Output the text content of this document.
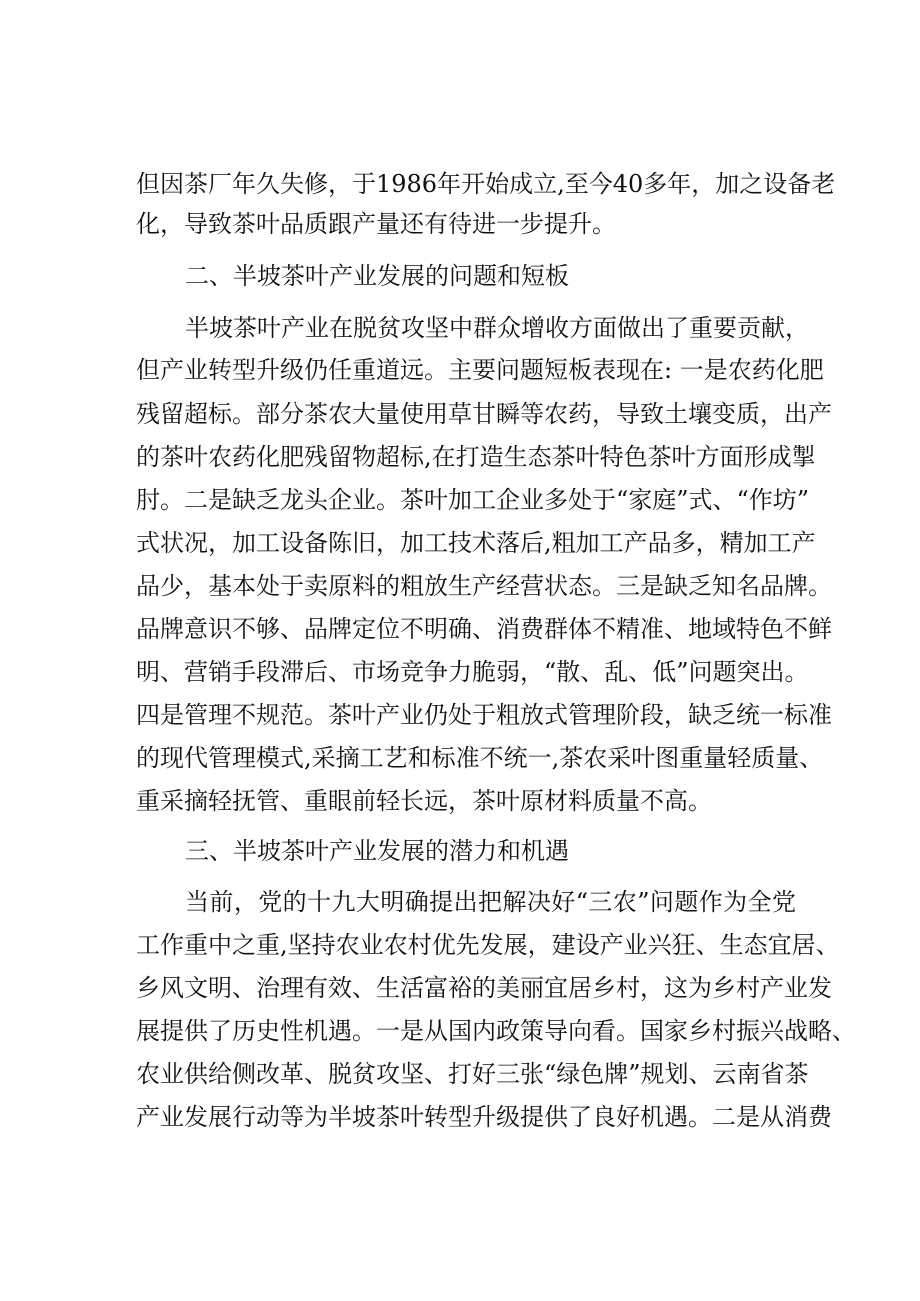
但因茶厂年久失修，于1986年开始成立,至今40多年，加之设备老
化，导致茶叶品质跟产量还有待进一步提升。
二、半坡茶叶产业发展的问题和短板
半坡茶叶产业在脱贫攻坚中群众增收方面做出了重要贡献，
但产业转型升级仍任重道远。主要问题短板表现在: 一是农药化肥
残留超标。部分茶农大量使用草甘瞬等农药，导致土壤变质，出产
的茶叶农药化肥残留物超标,在打造生态茶叶特色茶叶方面形成掣
肘。二是缺乏龙头企业。茶叶加工企业多处于“家庭”式、“作坊”
式状况，加工设备陈旧，加工技术落后,粗加工产品多，精加工产
品少，基本处于卖原料的粗放生产经营状态。三是缺乏知名品牌。
品牌意识不够、品牌定位不明确、消费群体不精准、地域特色不鲜
明、营销手段滞后、市场竞争力脆弱，“散、乱、低”问题突出。
四是管理不规范。茶叶产业仍处于粗放式管理阶段，缺乏统一标准
的现代管理模式,采摘工艺和标准不统一,茶农采叶图重量轻质量、
重采摘轻抚管、重眼前轻长远，茶叶原材料质量不高。
三、半坡茶叶产业发展的潜力和机遇
当前，党的十九大明确提出把解决好“三农”问题作为全党
工作重中之重,坚持农业农村优先发展，建设产业兴狂、生态宜居、
乡风文明、治理有效、生活富裕的美丽宜居乡村，这为乡村产业发
展提供了历史性机遇。一是从国内政策导向看。国家乡村振兴战略、
农业供给侧改革、脱贫攻坚、打好三张“绿色牌”规划、云南省茶
产业发展行动等为半坡茶叶转型升级提供了良好机遇。二是从消费
